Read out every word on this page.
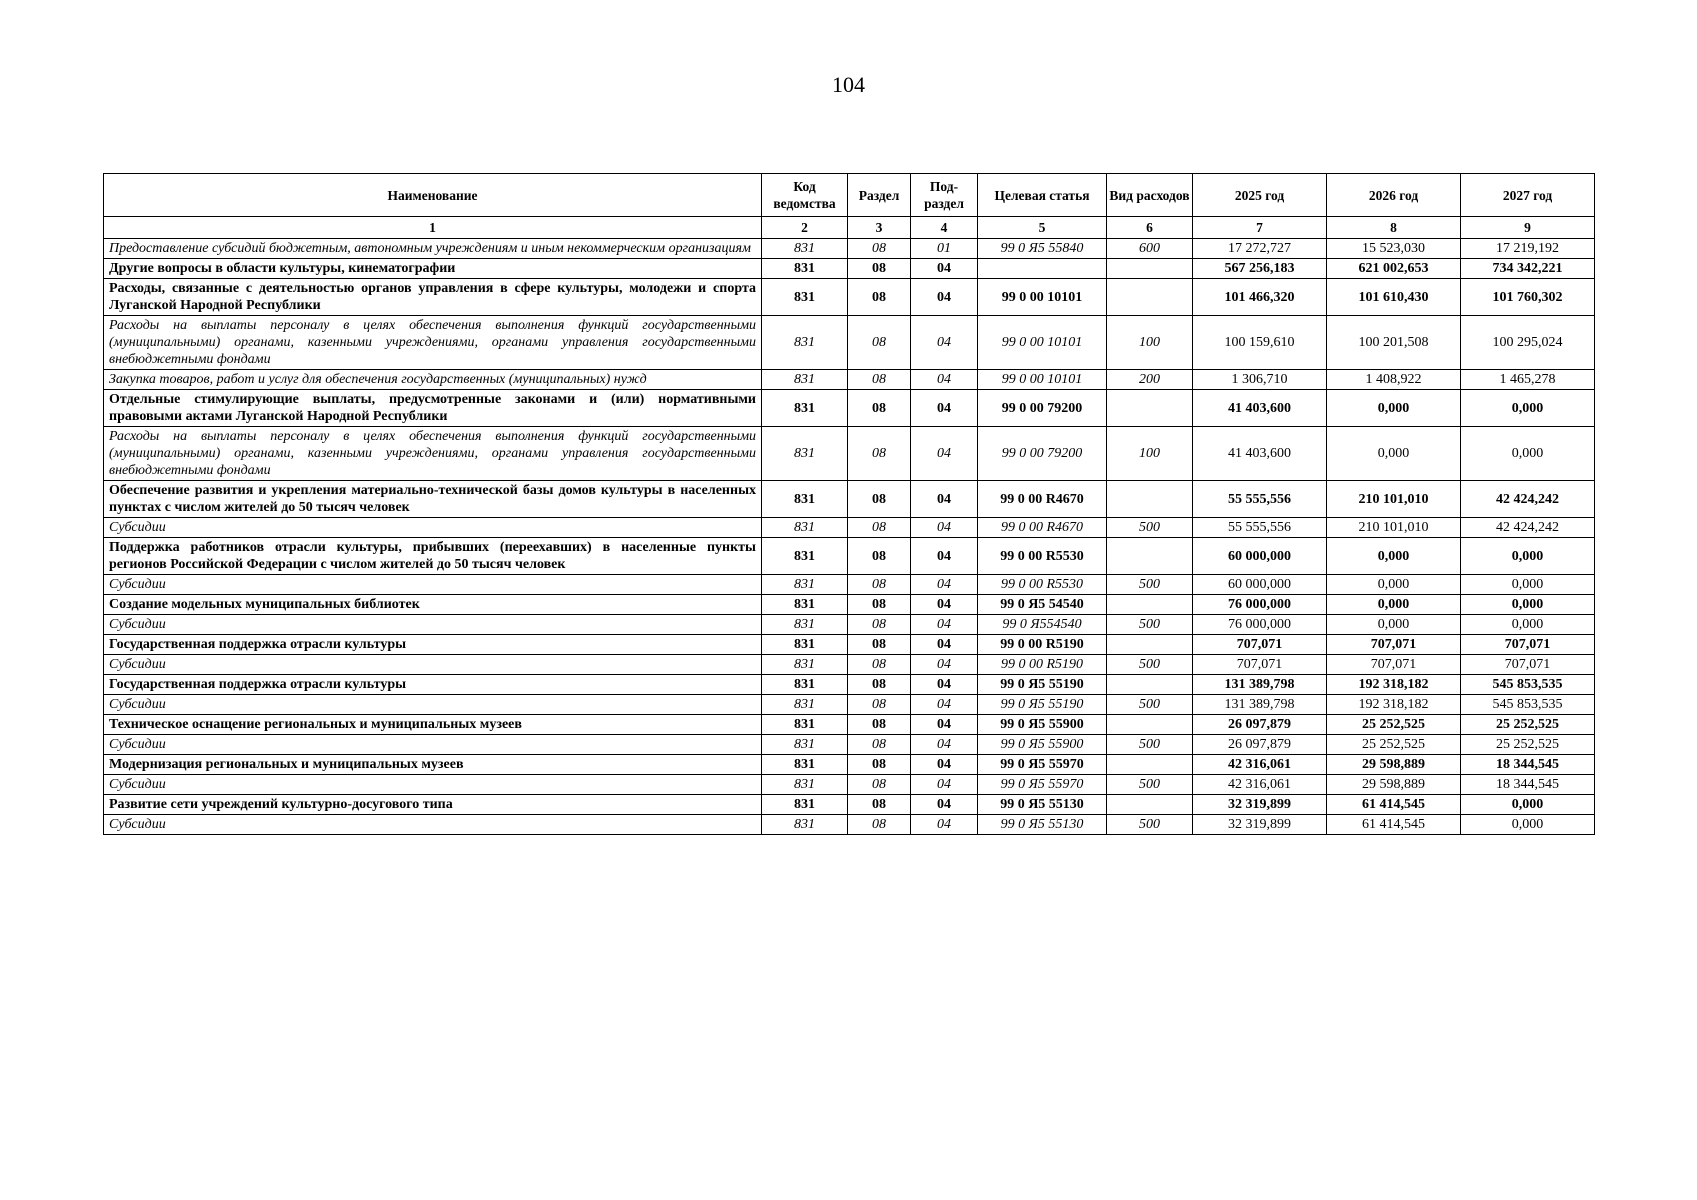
104
Наименование	Код ведомства	Раздел	Под-раздел	Целевая статья	Вид расходов	2025 год	2026 год	2027 год
1	2	3	4	5	6	7	8	9
Предоставление субсидий бюджетным, автономным учреждениям и иным некоммерческим организациям	831	08	01	99 0 Я5 55840	600	17 272,727	15 523,030	17 219,192
Другие вопросы в области культуры, кинематографии	831	08	04			567 256,183	621 002,653	734 342,221
Расходы, связанные с деятельностью органов управления в сфере культуры, молодежи и спорта Луганской Народной Республики	831	08	04	99 0 00 10101		101 466,320	101 610,430	101 760,302
Расходы на выплаты персоналу в целях обеспечения выполнения функций государственными (муниципальными) органами, казенными учреждениями, органами управления государственными внебюджетными фондами	831	08	04	99 0 00 10101	100	100 159,610	100 201,508	100 295,024
Закупка товаров, работ и услуг для обеспечения государственных (муниципальных) нужд	831	08	04	99 0 00 10101	200	1 306,710	1 408,922	1 465,278
Отдельные стимулирующие выплаты, предусмотренные законами и (или) нормативными правовыми актами Луганской Народной Республики	831	08	04	99 0 00 79200		41 403,600	0,000	0,000
Расходы на выплаты персоналу в целях обеспечения выполнения функций государственными (муниципальными) органами, казенными учреждениями, органами управления государственными внебюджетными фондами	831	08	04	99 0 00 79200	100	41 403,600	0,000	0,000
Обеспечение развития и укрепления материально-технической базы домов культуры в населенных пунктах с числом жителей до 50 тысяч человек	831	08	04	99 0 00 R4670		55 555,556	210 101,010	42 424,242
Субсидии	831	08	04	99 0 00 R4670	500	55 555,556	210 101,010	42 424,242
Поддержка работников отрасли культуры, прибывших (переехавших) в населенные пункты регионов Российской Федерации с числом жителей до 50 тысяч человек	831	08	04	99 0 00 R5530		60 000,000	0,000	0,000
Субсидии	831	08	04	99 0 00 R5530	500	60 000,000	0,000	0,000
Создание модельных муниципальных библиотек	831	08	04	99 0 Я5 54540		76 000,000	0,000	0,000
Субсидии	831	08	04	99 0 Я554540	500	76 000,000	0,000	0,000
Государственная поддержка отрасли культуры	831	08	04	99 0 00 R5190		707,071	707,071	707,071
Субсидии	831	08	04	99 0 00 R5190	500	707,071	707,071	707,071
Государственная поддержка отрасли культуры	831	08	04	99 0 Я5 55190		131 389,798	192 318,182	545 853,535
Субсидии	831	08	04	99 0 Я5 55190	500	131 389,798	192 318,182	545 853,535
Техническое оснащение региональных и муниципальных музеев	831	08	04	99 0 Я5 55900		26 097,879	25 252,525	25 252,525
Субсидии	831	08	04	99 0 Я5 55900	500	26 097,879	25 252,525	25 252,525
Модернизация региональных и муниципальных музеев	831	08	04	99 0 Я5 55970		42 316,061	29 598,889	18 344,545
Субсидии	831	08	04	99 0 Я5 55970	500	42 316,061	29 598,889	18 344,545
Развитие сети учреждений культурно-досугового типа	831	08	04	99 0 Я5 55130		32 319,899	61 414,545	0,000
Субсидии	831	08	04	99 0 Я5 55130	500	32 319,899	61 414,545	0,000
